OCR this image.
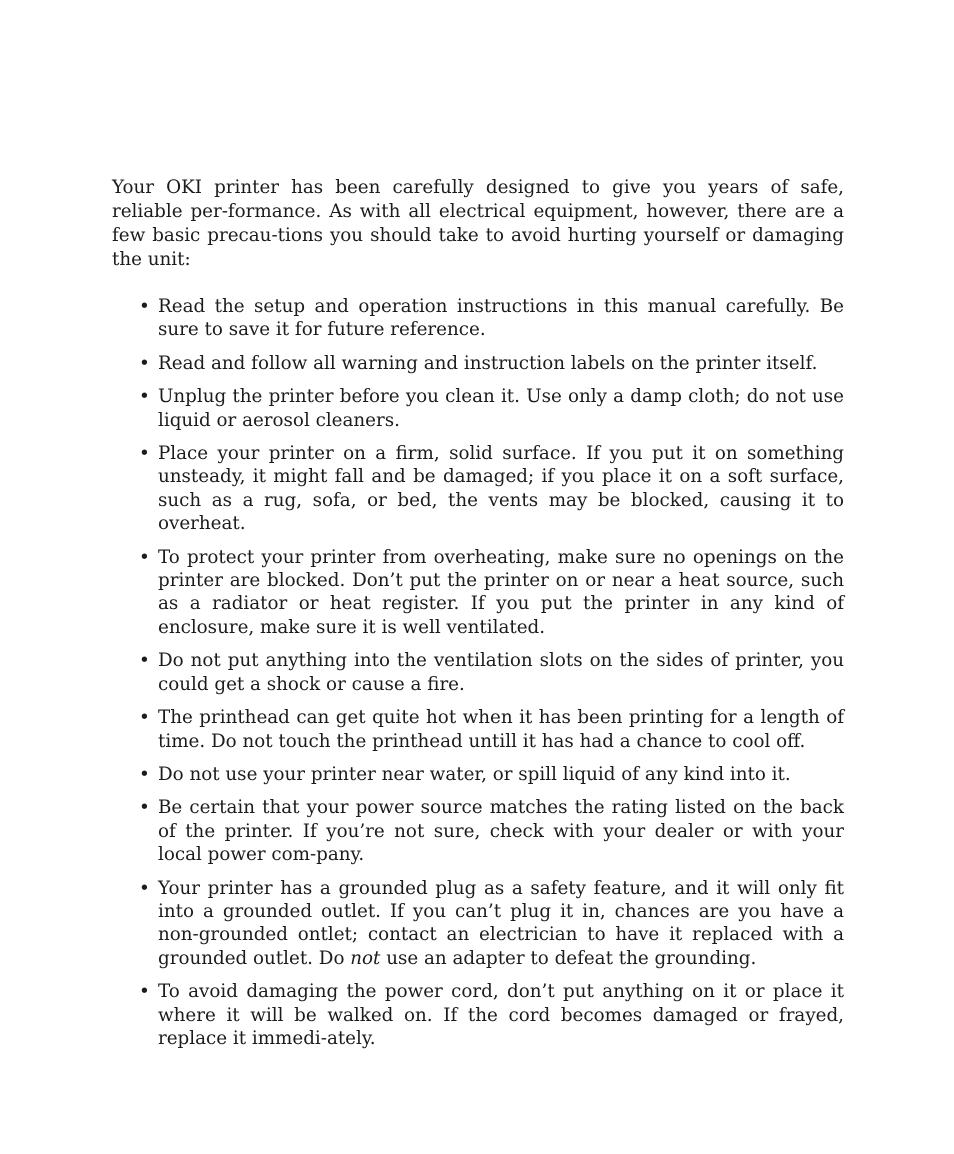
Your OKI printer has been carefully designed to give you years of safe, reliable per-formance. As with all electrical equipment, however, there are a few basic precau-tions you should take to avoid hurting yourself or damaging the unit:

• Read the setup and operation instructions in this manual carefully. Be sure to save it for future reference.
• Read and follow all warning and instruction labels on the printer itself.
• Unplug the printer before you clean it. Use only a damp cloth; do not use liquid or aerosol cleaners.
• Place your printer on a firm, solid surface. If you put it on something unsteady, it might fall and be damaged; if you place it on a soft surface, such as a rug, sofa, or bed, the vents may be blocked, causing it to overheat.
• To protect your printer from overheating, make sure no openings on the printer are blocked. Don’t put the printer on or near a heat source, such as a radiator or heat register. If you put the printer in any kind of enclosure, make sure it is well ventilated.
• Do not put anything into the ventilation slots on the sides of printer, you could get a shock or cause a fire.
• The printhead can get quite hot when it has been printing for a length of time. Do not touch the printhead untill it has had a chance to cool off.
• Do not use your printer near water, or spill liquid of any kind into it.
• Be certain that your power source matches the rating listed on the back of the printer. If you’re not sure, check with your dealer or with your local power com-pany.
• Your printer has a grounded plug as a safety feature, and it will only fit into a grounded outlet. If you can’t plug it in, chances are you have a non-grounded ontlet; contact an electrician to have it replaced with a grounded outlet. Do not use an adapter to defeat the grounding.
• To avoid damaging the power cord, don’t put anything on it or place it where it will be walked on. If the cord becomes damaged or frayed, replace it immedi-ately.
